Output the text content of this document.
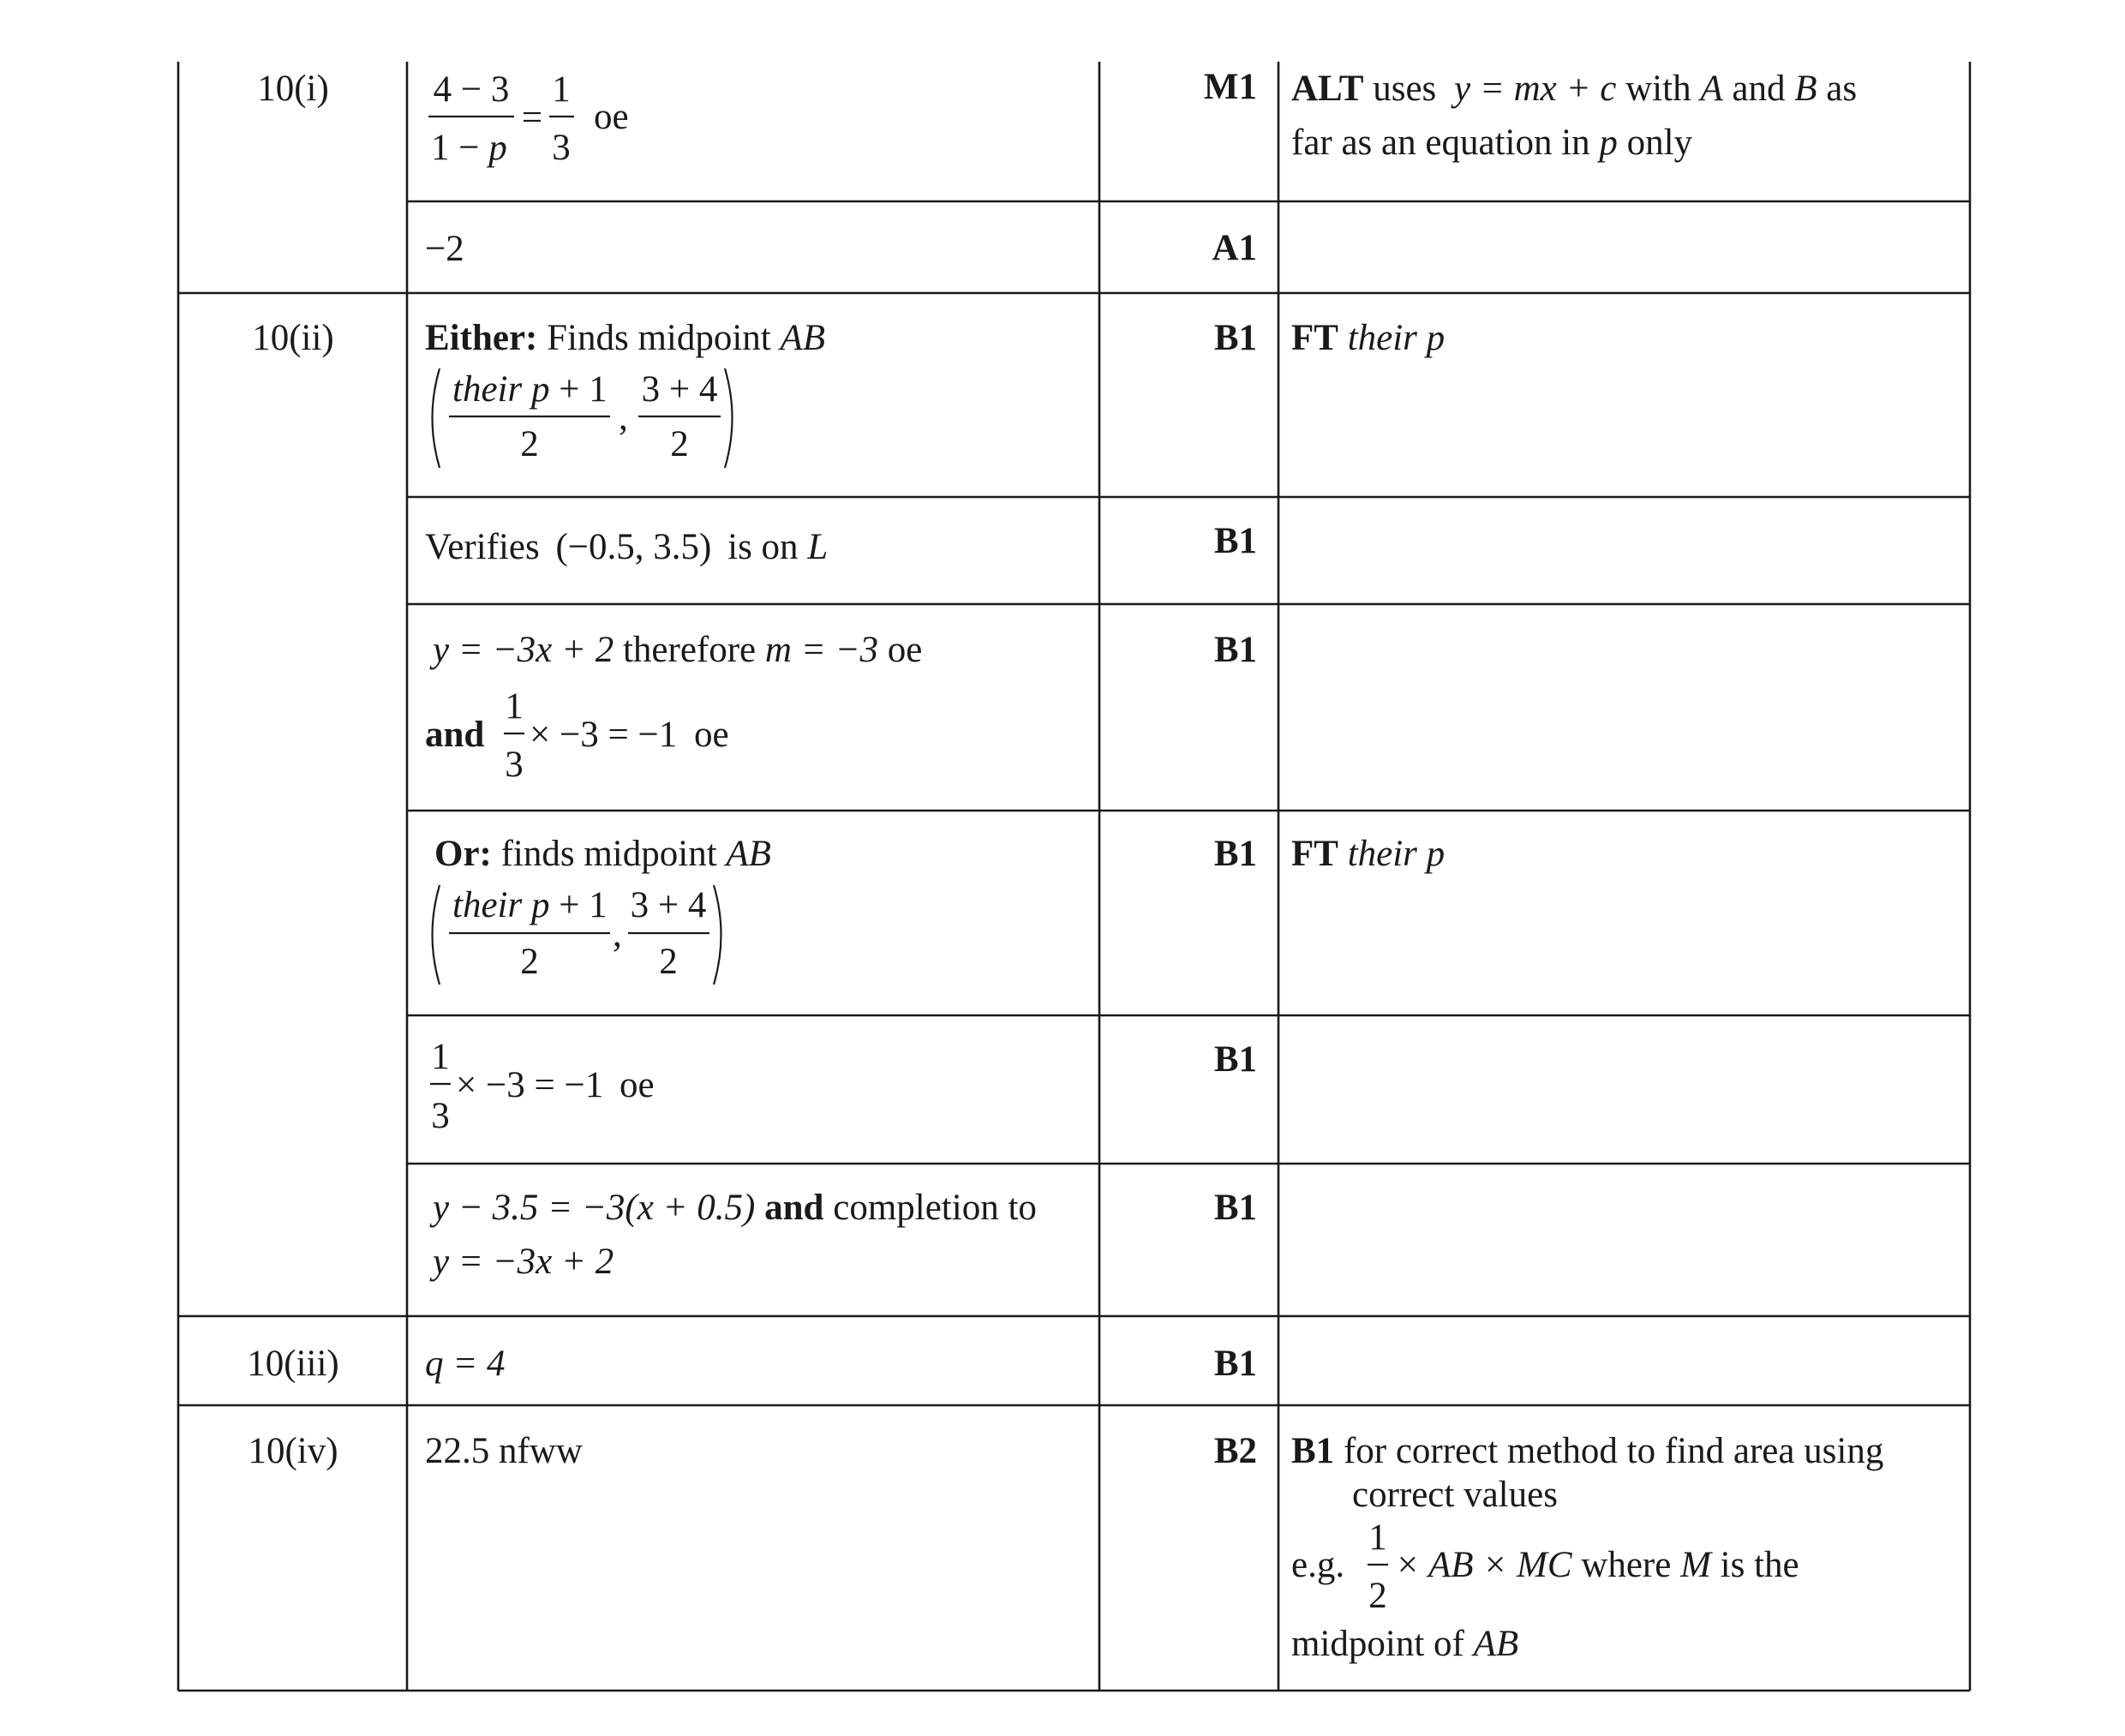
10(i)
10(ii)
10(iii)
10(iv)
M1
A1
B1
B1
B1
B1
B1
B1
B1
B2
4 − 3
1 − p
=
1
3
oe
ALT uses y = mx + c with A and B as
far as an equation in p only
−2
Either: Finds midpoint AB
their p + 1
2
,
3 + 4
2
FT their p
Verifies (−0.5, 3.5) is on L
y = −3x + 2 therefore m = −3 oe
and
1
3
× −3 = −1 oe
Or: finds midpoint AB
their p + 1
2
,
3 + 4
2
FT their p
1
3
× −3 = −1 oe
y − 3.5 = −3(x + 0.5) and completion to
y = −3x + 2
q = 4
22.5 nfww	B1 for correct method to find area using
correct values
e.g.
1
2
× AB × MC where M is the
midpoint of AB
